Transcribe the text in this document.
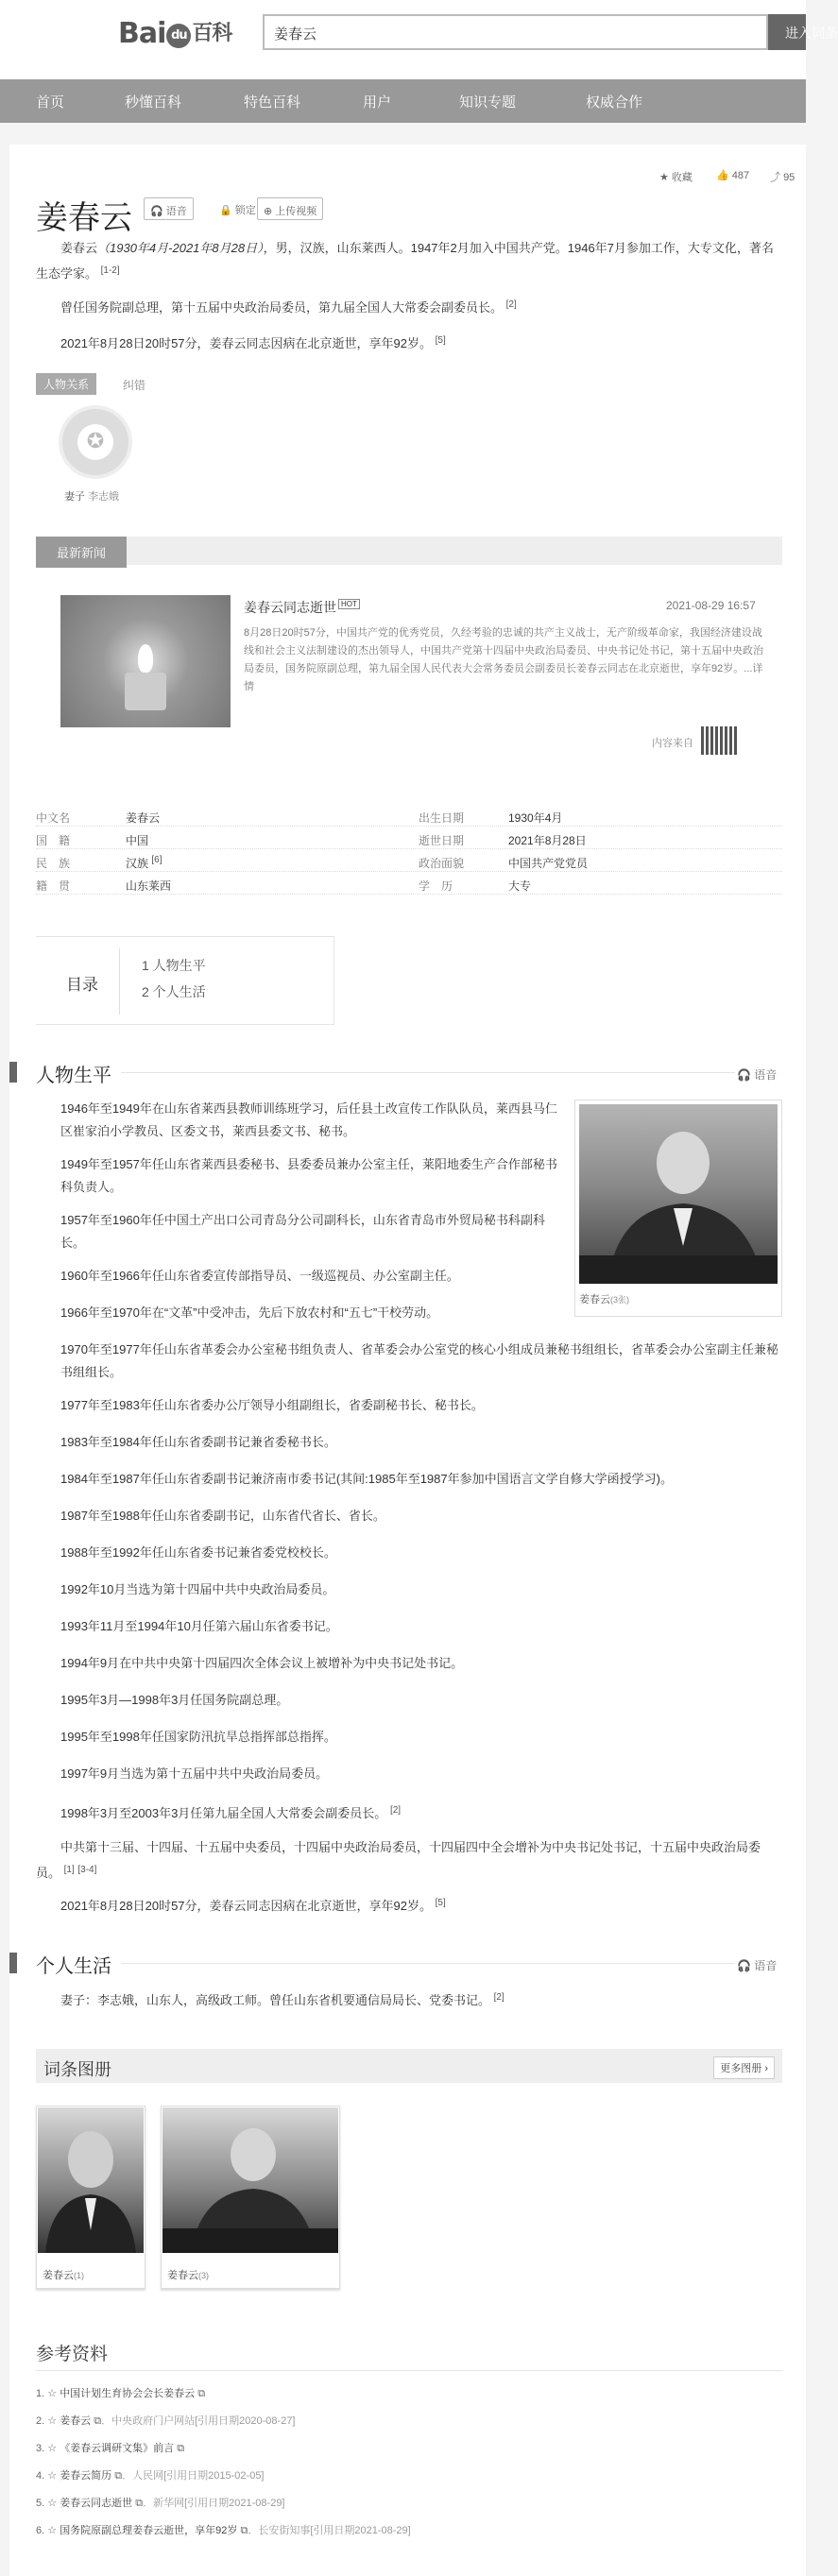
Bai du 百科	姜春云	进入词条
首页	秒懂百科	特色百科	用户	知识专题	权威合作
★ 收藏 👍 487 ⤴ 95
姜春云	🎧 语音	🔒 锁定 ⊕ 上传视频
姜春云（1930年4月-2021年8月28日），男，汉族，山东莱西人。1947年2月加入中国共产党。1946年7月参加工作，大专文化，著名生态学家。 [1-2]
曾任国务院副总理，第十五届中央政治局委员，第九届全国人大常委会副委员长。 [2]
2021年8月28日20时57分，姜春云同志因病在北京逝世，享年92岁。 [5]
人物关系	纠错
✪
妻子 李志娥
最新新闻
姜春云同志逝世 $^{HOT}$	2021-08-29 16:57
8月28日20时57分，中国共产党的优秀党员，久经考验的忠诚的共产主义战士，无产阶级革命家，我国经济建设战线和社会主义法制建设的杰出领导人，中国共产党第十四届中央政治局委员、中央书记处书记，第十五届中央政治局委员，国务院原副总理，第九届全国人民代表大会常务委员会副委员长姜春云同志在北京逝世，享年92岁。...详情
内容来自
中文名	姜春云	出生日期	1930年4月
国　籍	中国	逝世日期	2021年8月28日
民　族	汉族 [6]	政治面貌	中国共产党党员
籍　贯	山东莱西	学　历	大专
目录
1 人物生平
2 个人生活
人物生平	🎧 语音
姜春云(3张)
1946年至1949年在山东省莱西县教师训练班学习，后任县土改宣传工作队队员，莱西县马仁区崔家泊小学教员、区委文书，莱西县委文书、秘书。
1949年至1957年任山东省莱西县委秘书、县委委员兼办公室主任，莱阳地委生产合作部秘书科负责人。
1957年至1960年任中国土产出口公司青岛分公司副科长，山东省青岛市外贸局秘书科副科长。
1960年至1966年任山东省委宣传部指导员、一级巡视员、办公室副主任。
1966年至1970年在“文革”中受冲击，先后下放农村和“五七”干校劳动。
1970年至1977年任山东省革委会办公室秘书组负责人、省革委会办公室党的核心小组成员兼秘书组组长，省革委会办公室副主任兼秘书组组长。
1977年至1983年任山东省委办公厅领导小组副组长，省委副秘书长、秘书长。
1983年至1984年任山东省委副书记兼省委秘书长。
1984年至1987年任山东省委副书记兼济南市委书记(其间:1985年至1987年参加中国语言文学自修大学函授学习)。
1987年至1988年任山东省委副书记，山东省代省长、省长。
1988年至1992年任山东省委书记兼省委党校校长。
1992年10月当选为第十四届中共中央政治局委员。
1993年11月至1994年10月任第六届山东省委书记。
1994年9月在中共中央第十四届四次全体会议上被增补为中央书记处书记。
1995年3月—1998年3月任国务院副总理。
1995年至1998年任国家防汛抗旱总指挥部总指挥。
1997年9月当选为第十五届中共中央政治局委员。
1998年3月至2003年3月任第九届全国人大常委会副委员长。 [2]
中共第十三届、十四届、十五届中央委员，十四届中央政治局委员，十四届四中全会增补为中央书记处书记，十五届中央政治局委员。 [1] [3-4]
2021年8月28日20时57分，姜春云同志因病在北京逝世，享年92岁。 [5]
个人生活	🎧 语音
妻子：李志娥，山东人，高级政工师。曾任山东省机要通信局局长、党委书记。 [2]
词条图册	更多图册 ›
姜春云(1)	姜春云(3)
参考资料
1. ☆ 中国计划生育协会会长姜春云 ⧉
2. ☆ 姜春云 ⧉．中央政府门户网站[引用日期2020-08-27]
3. ☆ 《姜春云调研文集》前言 ⧉
4. ☆ 姜春云简历 ⧉．人民网[引用日期2015-02-05]
5. ☆ 姜春云同志逝世 ⧉．新华网[引用日期2021-08-29]
6. ☆ 国务院原副总理姜春云逝世，享年92岁 ⧉．长安街知事[引用日期2021-08-29]
